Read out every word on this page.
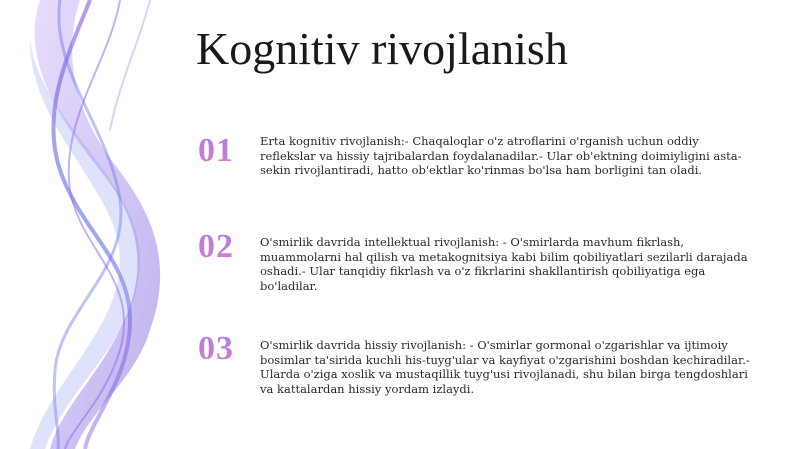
Kognitiv rivojlanish
01 Erta kognitiv rivojlanish:- Chaqaloqlar o'z atroflarini o'rganish uchun oddiy reflekslar va hissiy tajribalardan foydalanadilar.- Ular ob'ektning doimiyligini asta-sekin rivojlantiradi, hatto ob'ektlar ko'rinmas bo'lsa ham borligini tan oladi.
02 O'smirlik davrida intellektual rivojlanish: - O'smirlarda mavhum fikrlash, muammolarni hal qilish va metakognitsiya kabi bilim qobiliyatlari sezilarli darajada oshadi.- Ular tanqidiy fikrlash va o'z fikrlarini shakllantirish qobiliyatiga ega bo'ladilar.
03 O'smirlik davrida hissiy rivojlanish: - O'smirlar gormonal o'zgarishlar va ijtimoiy bosimlar ta'sirida kuchli his-tuyg'ular va kayfiyat o'zgarishini boshdan kechiradilar.- Ularda o'ziga xoslik va mustaqillik tuyg'usi rivojlanadi, shu bilan birga tengdoshlari va kattalardan hissiy yordam izlaydi.
